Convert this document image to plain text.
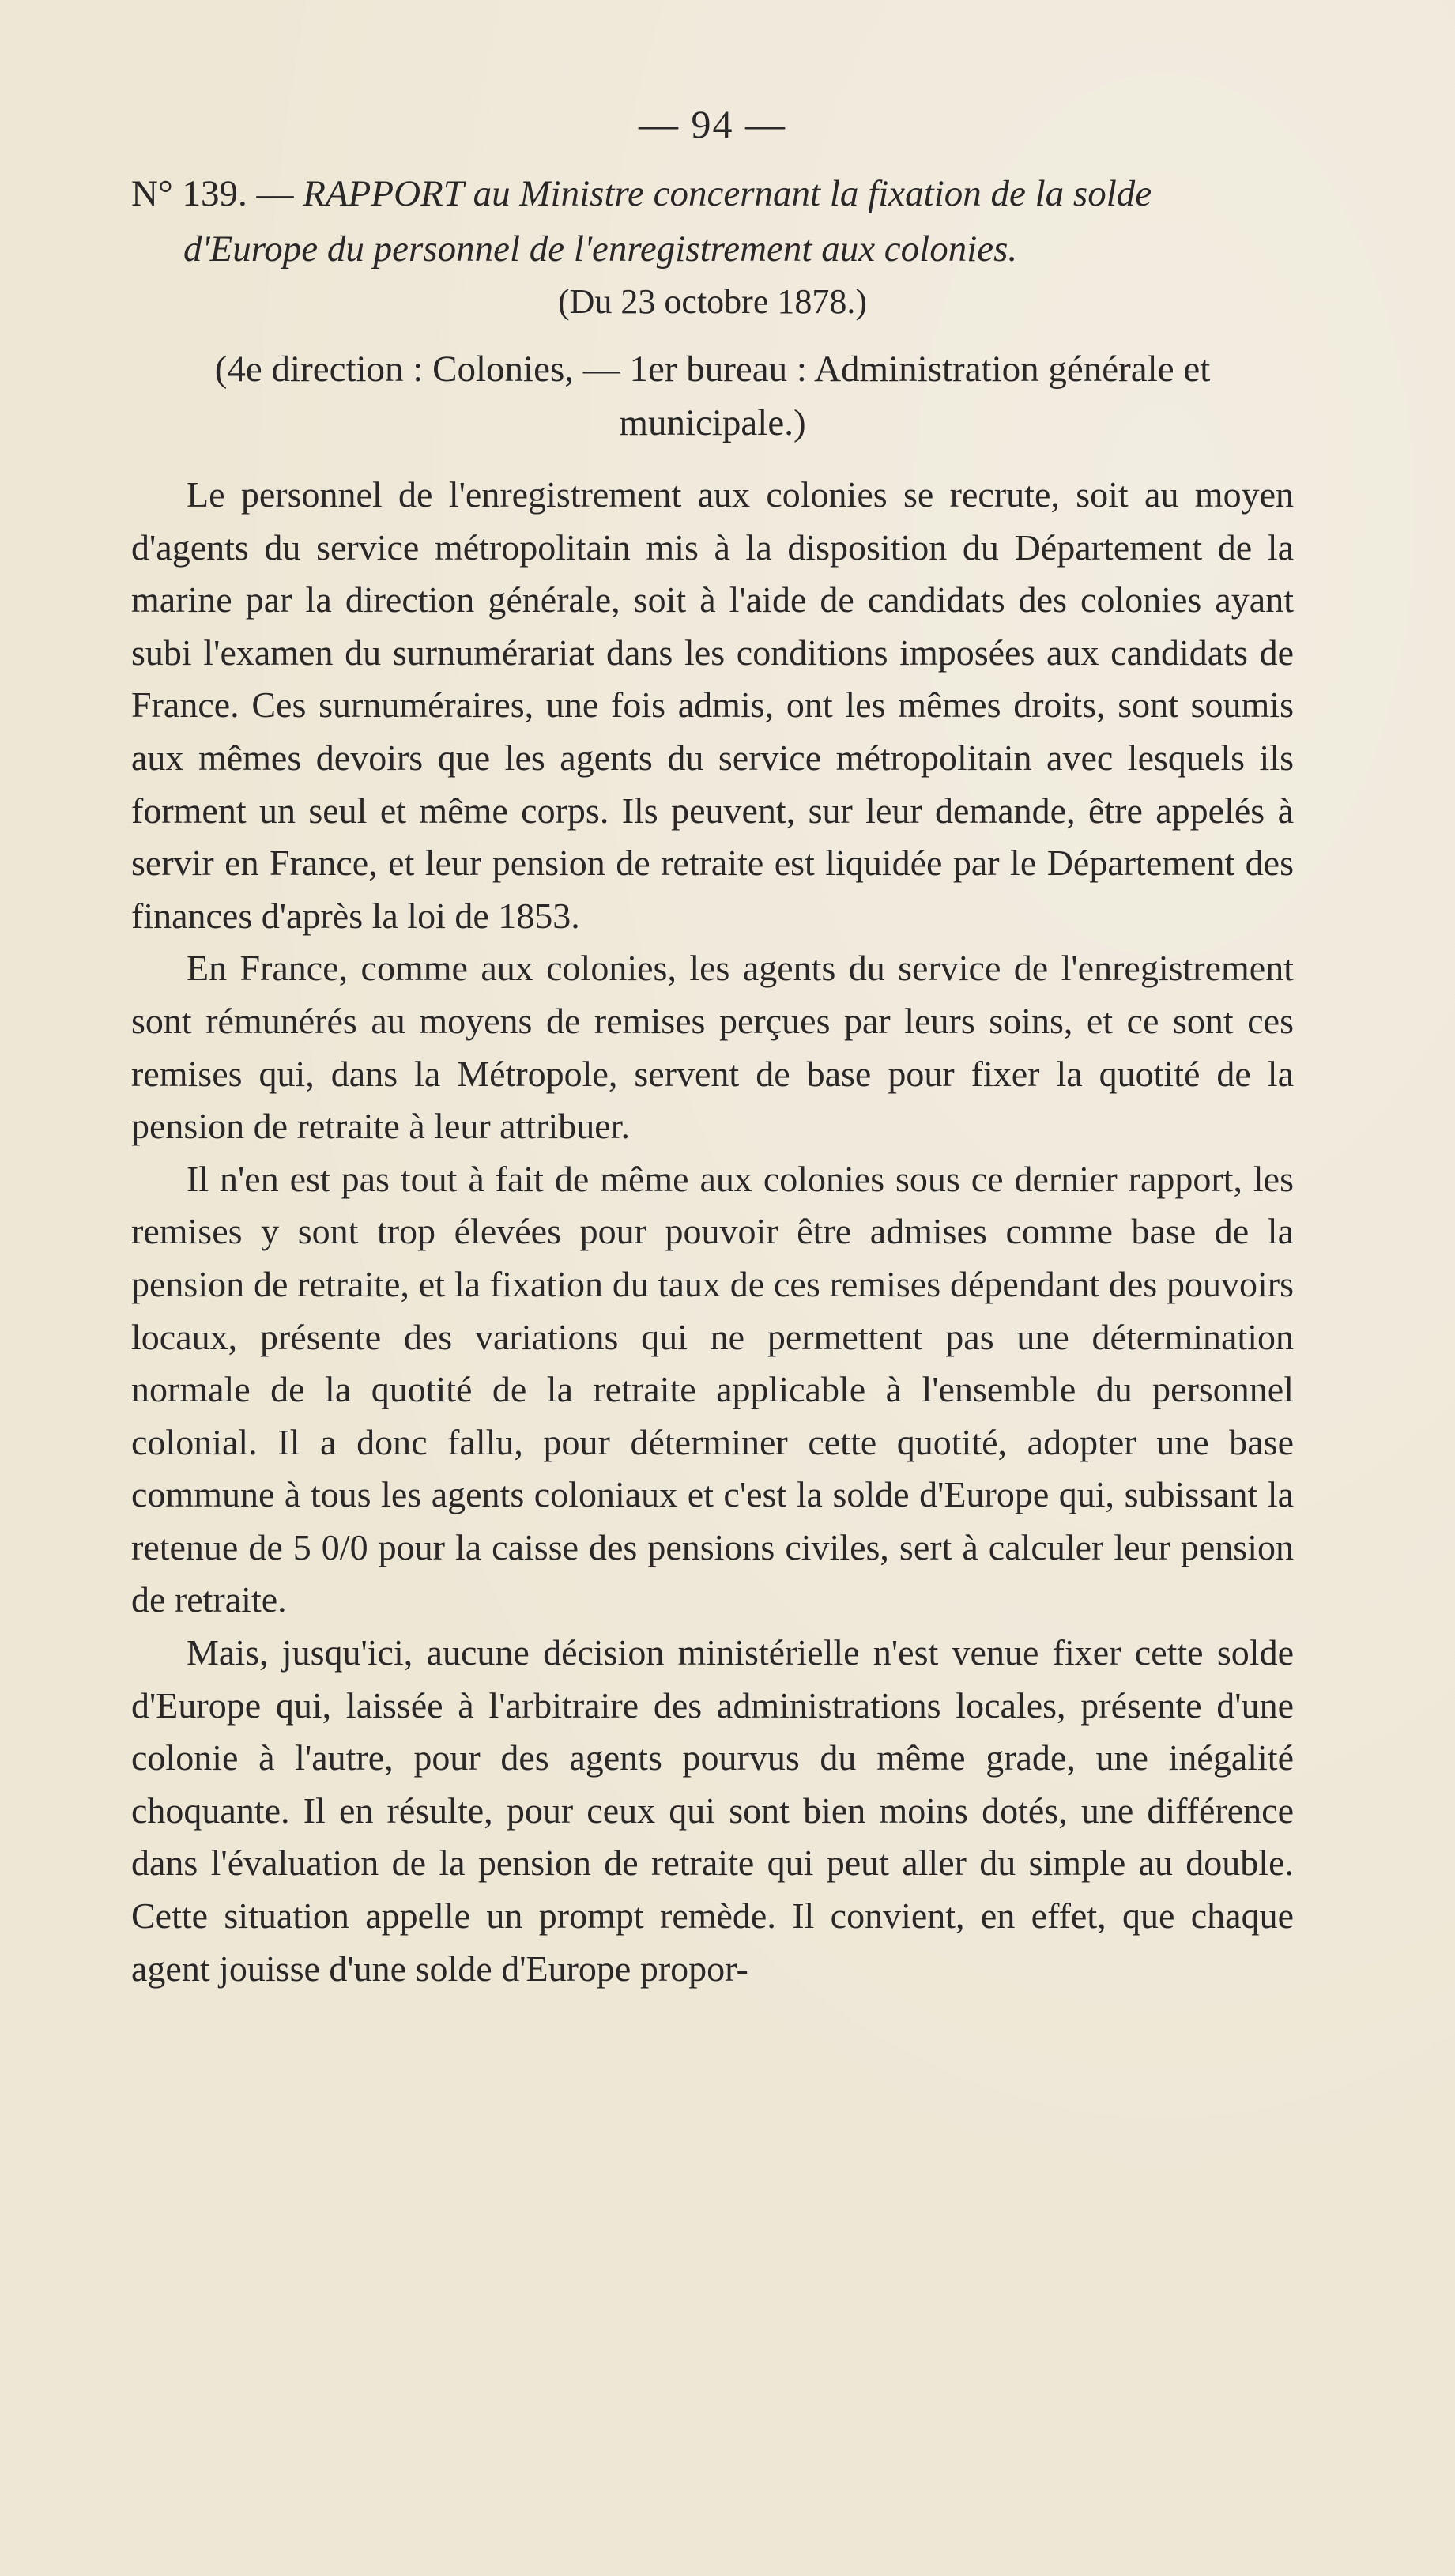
— 94 —

N° 139. — RAPPORT au Ministre concernant la fixation de la solde d'Europe du personnel de l'enregistrement aux colonies.

(Du 23 octobre 1878.)
(4e direction : Colonies, — 1er bureau : Administration générale et municipale.)

Le personnel de l'enregistrement aux colonies se recrute, soit au moyen d'agents du service métropolitain mis à la disposition du Département de la marine par la direction générale, soit à l'aide de candidats des colonies ayant subi l'examen du surnumérariat dans les conditions imposées aux candidats de France. Ces surnuméraires, une fois admis, ont les mêmes droits, sont soumis aux mêmes devoirs que les agents du service métropolitain avec lesquels ils forment un seul et même corps. Ils peuvent, sur leur demande, être appelés à servir en France, et leur pension de retraite est liquidée par le Département des finances d'après la loi de 1853.

En France, comme aux colonies, les agents du service de l'enregistrement sont rémunérés au moyens de remises perçues par leurs soins, et ce sont ces remises qui, dans la Métropole, servent de base pour fixer la quotité de la pension de retraite à leur attribuer.

Il n'en est pas tout à fait de même aux colonies sous ce dernier rapport, les remises y sont trop élevées pour pouvoir être admises comme base de la pension de retraite, et la fixation du taux de ces remises dépendant des pouvoirs locaux, présente des variations qui ne permettent pas une détermination normale de la quotité de la retraite applicable à l'ensemble du personnel colonial. Il a donc fallu, pour déterminer cette quotité, adopter une base commune à tous les agents coloniaux et c'est la solde d'Europe qui, subissant la retenue de 5 0/0 pour la caisse des pensions civiles, sert à calculer leur pension de retraite.

Mais, jusqu'ici, aucune décision ministérielle n'est venue fixer cette solde d'Europe qui, laissée à l'arbitraire des administrations locales, présente d'une colonie à l'autre, pour des agents pourvus du même grade, une inégalité choquante. Il en résulte, pour ceux qui sont bien moins dotés, une différence dans l'évaluation de la pension de retraite qui peut aller du simple au double. Cette situation appelle un prompt remède. Il convient, en effet, que chaque agent jouisse d'une solde d'Europe propor-
